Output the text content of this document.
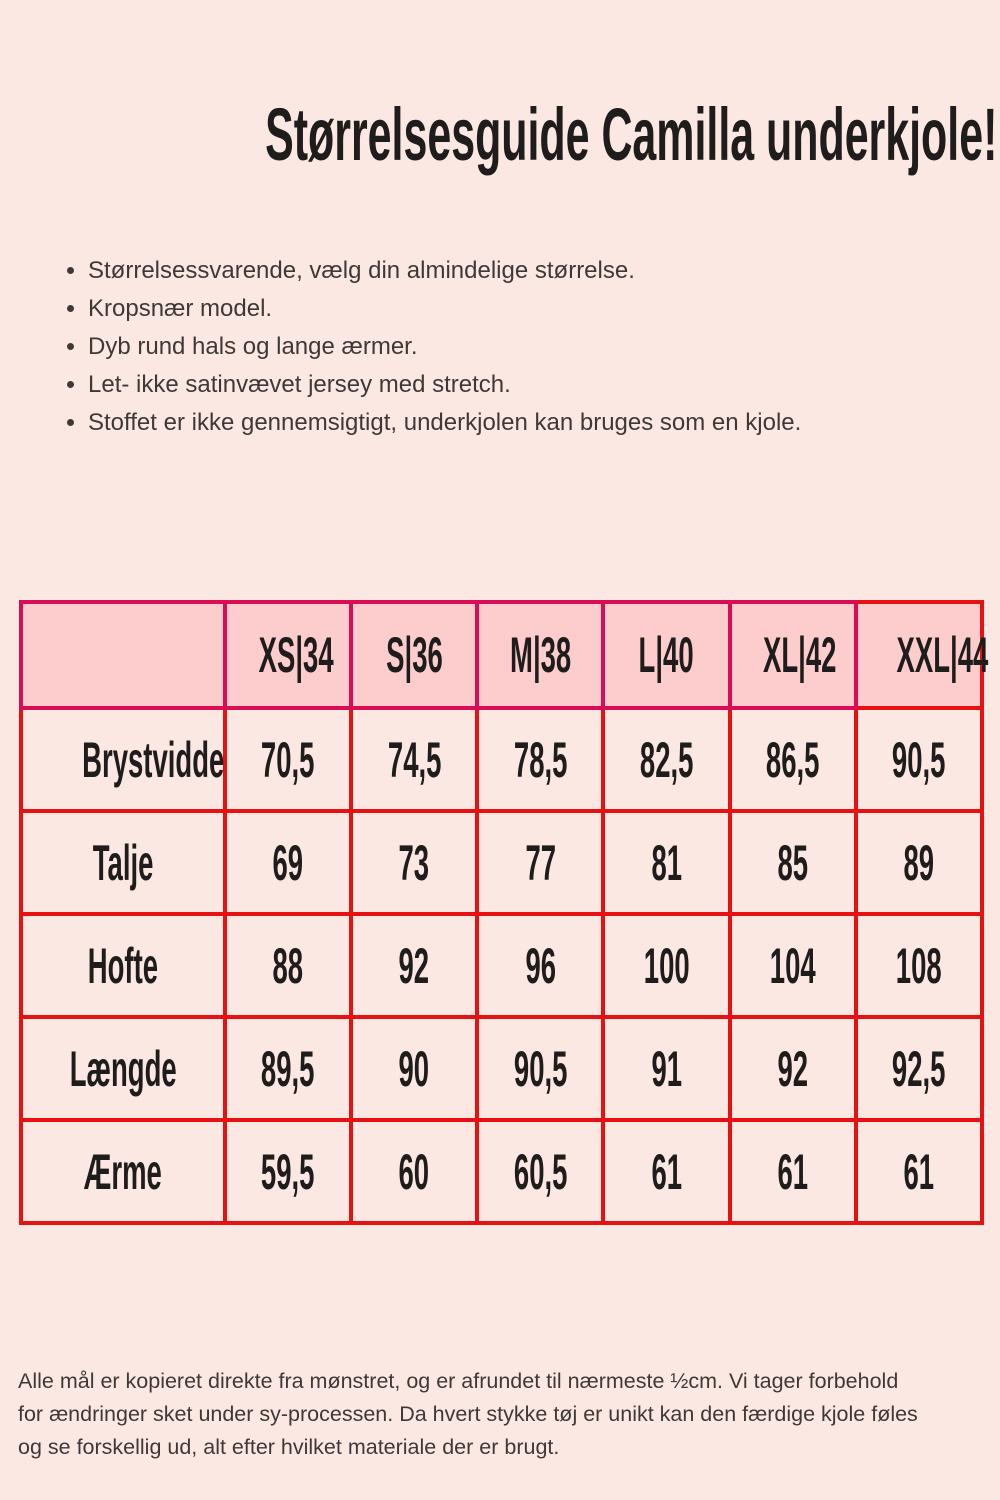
Størrelsesguide Camilla underkjole!
• Størrelsessvarende, vælg din almindelige størrelse.
• Kropsnær model.
• Dyb rund hals og lange ærmer.
• Let- ikke satinvævet jersey med stretch.
• Stoffet er ikke gennemsigtigt, underkjolen kan bruges som en kjole.
	XS|34	S|36	M|38	L|40	XL|42	XXL|44
Brystvidde	70,5	74,5	78,5	82,5	86,5	90,5
Talje	69	73	77	81	85	89
Hofte	88	92	96	100	104	108
Længde	89,5	90	90,5	91	92	92,5
Ærme	59,5	60	60,5	61	61	61
Alle mål er kopieret direkte fra mønstret, og er afrundet til nærmeste ½cm. Vi tager forbehold
for ændringer sket under sy-processen. Da hvert stykke tøj er unikt kan den færdige kjole føles
og se forskellig ud, alt efter hvilket materiale der er brugt.
